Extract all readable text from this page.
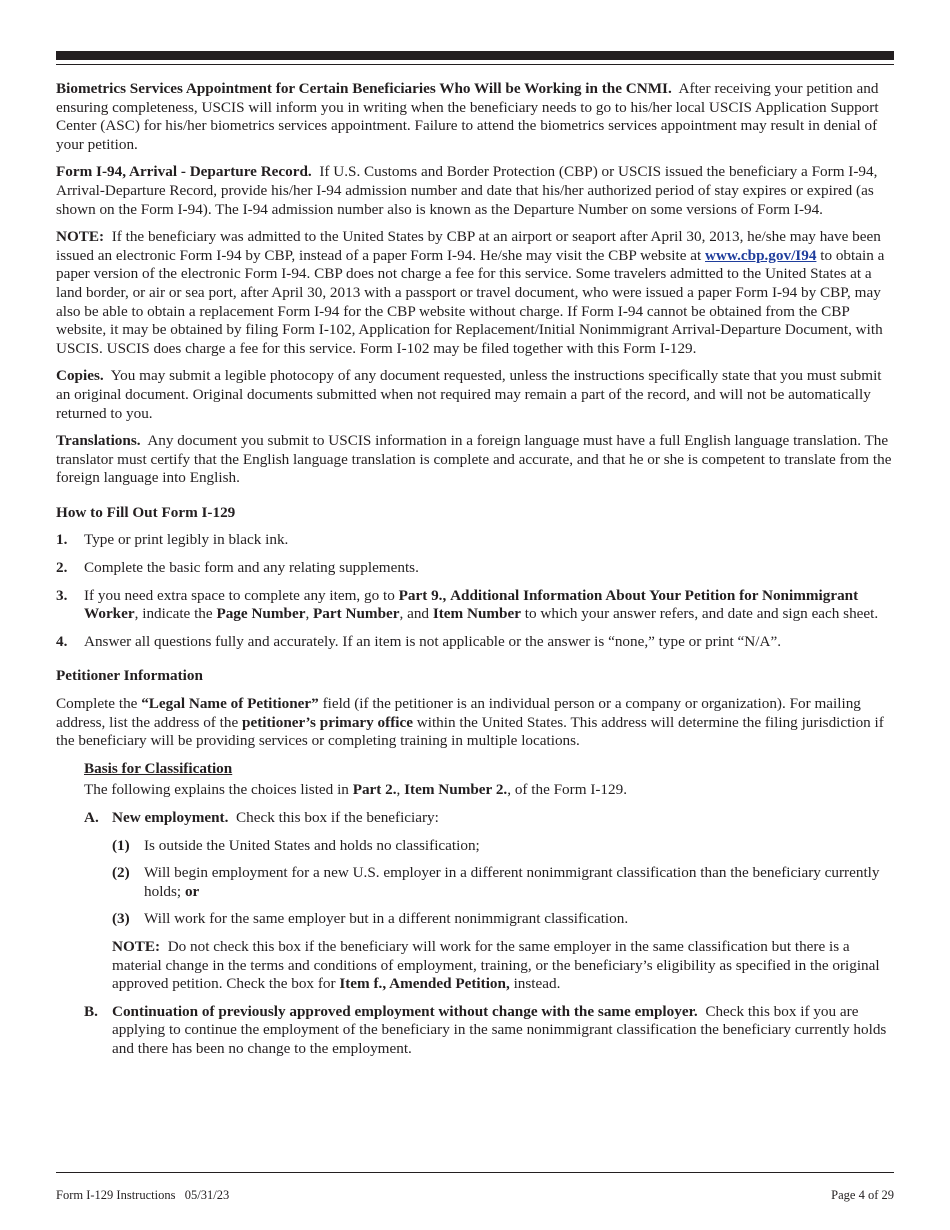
Biometrics Services Appointment for Certain Beneficiaries Who Will be Working in the CNMI. After receiving your petition and ensuring completeness, USCIS will inform you in writing when the beneficiary needs to go to his/her local USCIS Application Support Center (ASC) for his/her biometrics services appointment. Failure to attend the biometrics services appointment may result in denial of your petition.

Form I-94, Arrival - Departure Record. If U.S. Customs and Border Protection (CBP) or USCIS issued the beneficiary a Form I-94, Arrival-Departure Record, provide his/her I-94 admission number and date that his/her authorized period of stay expires or expired (as shown on the Form I-94). The I-94 admission number also is known as the Departure Number on some versions of Form I-94.

NOTE: If the beneficiary was admitted to the United States by CBP at an airport or seaport after April 30, 2013, he/she may have been issued an electronic Form I-94 by CBP, instead of a paper Form I-94. He/she may visit the CBP website at www.cbp.gov/I94 to obtain a paper version of the electronic Form I-94. CBP does not charge a fee for this service. Some travelers admitted to the United States at a land border, or air or sea port, after April 30, 2013 with a passport or travel document, who were issued a paper Form I-94 by CBP, may also be able to obtain a replacement Form I-94 for the CBP website without charge. If Form I-94 cannot be obtained from the CBP website, it may be obtained by filing Form I-102, Application for Replacement/Initial Nonimmigrant Arrival-Departure Document, with USCIS. USCIS does charge a fee for this service. Form I-102 may be filed together with this Form I-129.

Copies. You may submit a legible photocopy of any document requested, unless the instructions specifically state that you must submit an original document. Original documents submitted when not required may remain a part of the record, and will not be automatically returned to you.

Translations. Any document you submit to USCIS information in a foreign language must have a full English language translation. The translator must certify that the English language translation is complete and accurate, and that he or she is competent to translate from the foreign language into English.

How to Fill Out Form I-129
1. Type or print legibly in black ink.
2. Complete the basic form and any relating supplements.
3. If you need extra space to complete any item, go to Part 9., Additional Information About Your Petition for Nonimmigrant Worker, indicate the Page Number, Part Number, and Item Number to which your answer refers, and date and sign each sheet.
4. Answer all questions fully and accurately. If an item is not applicable or the answer is “none,” type or print “N/A”.
Petitioner Information

Complete the “Legal Name of Petitioner” field (if the petitioner is an individual person or a company or organization). For mailing address, list the address of the petitioner’s primary office within the United States. This address will determine the filing jurisdiction if the beneficiary will be providing services or completing training in multiple locations.

Basis for Classification

The following explains the choices listed in Part 2., Item Number 2., of the Form I-129.

A. New employment. Check this box if the beneficiary:
(1) Is outside the United States and holds no classification;
(2) Will begin employment for a new U.S. employer in a different nonimmigrant classification than the beneficiary currently holds; or
(3) Will work for the same employer but in a different nonimmigrant classification.

NOTE: Do not check this box if the beneficiary will work for the same employer in the same classification but there is a material change in the terms and conditions of employment, training, or the beneficiary’s eligibility as specified in the original approved petition. Check the box for Item f., Amended Petition, instead.

B. Continuation of previously approved employment without change with the same employer. Check this box if you are applying to continue the employment of the beneficiary in the same nonimmigrant classification the beneficiary currently holds and there has been no change to the employment.
Form I-129 Instructions   05/31/23	Page 4 of 29
